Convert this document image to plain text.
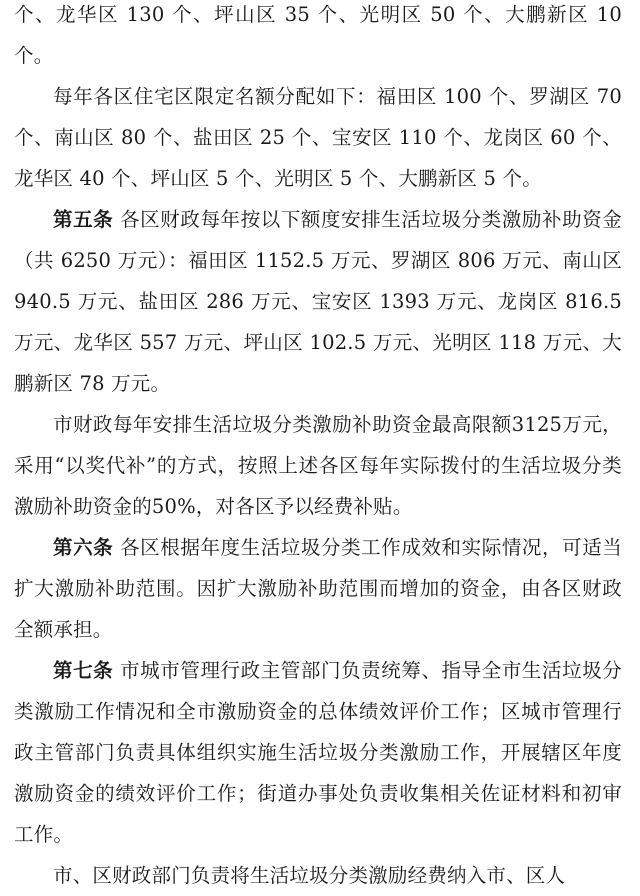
个、龙华区 130 个、坪山区 35 个、光明区 50 个、大鹏新区 10 个。

每年各区住宅区限定名额分配如下：福田区 100 个、罗湖区 70 个、南山区 80 个、盐田区 25 个、宝安区 110 个、龙岗区 60 个、龙华区 40 个、坪山区 5 个、光明区 5 个、大鹏新区 5 个。

第五条 各区财政每年按以下额度安排生活垃圾分类激励补助资金（共 6250 万元）：福田区 1152.5 万元、罗湖区 806 万元、南山区 940.5 万元、盐田区 286 万元、宝安区 1393 万元、龙岗区 816.5 万元、龙华区 557 万元、坪山区 102.5 万元、光明区 118 万元、大鹏新区 78 万元。

市财政每年安排生活垃圾分类激励补助资金最高限额3125万元，采用“以奖代补”的方式，按照上述各区每年实际拨付的生活垃圾分类激励补助资金的50%，对各区予以经费补贴。

第六条 各区根据年度生活垃圾分类工作成效和实际情况，可适当扩大激励补助范围。因扩大激励补助范围而增加的资金，由各区财政全额承担。

第七条 市城市管理行政主管部门负责统筹、指导全市生活垃圾分类激励工作情况和全市激励资金的总体绩效评价工作；区城市管理行政主管部门负责具体组织实施生活垃圾分类激励工作，开展辖区年度激励资金的绩效评价工作；街道办事处负责收集相关佐证材料和初审工作。

市、区财政部门负责将生活垃圾分类激励经费纳入市、区人
